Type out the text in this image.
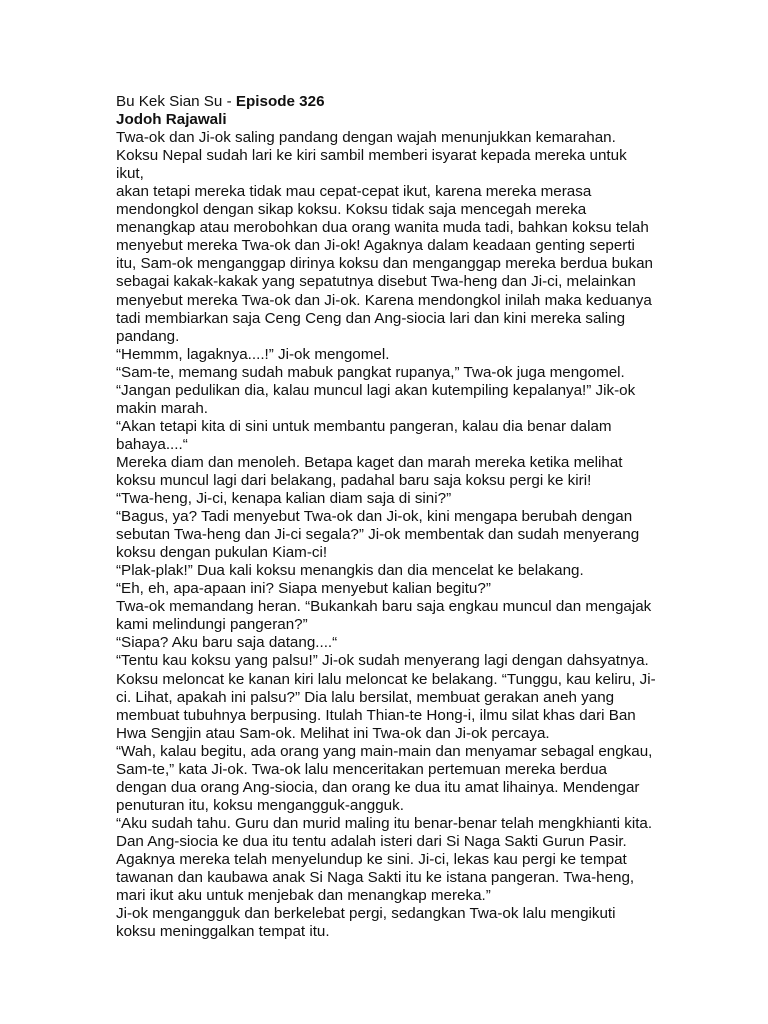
Bu Kek Sian Su - Episode 326

Jodoh Rajawali

Twa-ok dan Ji-ok saling pandang dengan wajah menunjukkan kemarahan.
Koksu Nepal sudah lari ke kiri sambil memberi isyarat kepada mereka untuk ikut,
akan tetapi mereka tidak mau cepat-cepat ikut, karena mereka merasa
mendongkol dengan sikap koksu. Koksu tidak saja mencegah mereka
menangkap atau merobohkan dua orang wanita muda tadi, bahkan koksu telah
menyebut mereka Twa-ok dan Ji-ok! Agaknya dalam keadaan genting seperti
itu, Sam-ok menganggap dirinya koksu dan menganggap mereka berdua bukan
sebagai kakak-kakak yang sepatutnya disebut Twa-heng dan Ji-ci, melainkan
menyebut mereka Twa-ok dan Ji-ok. Karena mendongkol inilah maka keduanya
tadi membiarkan saja Ceng Ceng dan Ang-siocia lari dan kini mereka saling
pandang.

“Hemmm, lagaknya....!” Ji-ok mengomel.

“Sam-te, memang sudah mabuk pangkat rupanya,” Twa-ok juga mengomel.

“Jangan pedulikan dia, kalau muncul lagi akan kutempiling kepalanya!” Jik-ok
makin marah.

“Akan tetapi kita di sini untuk membantu pangeran, kalau dia benar dalam
bahaya....“

Mereka diam dan menoleh. Betapa kaget dan marah mereka ketika melihat
koksu muncul lagi dari belakang, padahal baru saja koksu pergi ke kiri!

“Twa-heng, Ji-ci, kenapa kalian diam saja di sini?”

“Bagus, ya? Tadi menyebut Twa-ok dan Ji-ok, kini mengapa berubah dengan
sebutan Twa-heng dan Ji-ci segala?” Ji-ok membentak dan sudah menyerang
koksu dengan pukulan Kiam-ci!

“Plak-plak!” Dua kali koksu menangkis dan dia mencelat ke belakang.

“Eh, eh, apa-apaan ini? Siapa menyebut kalian begitu?”

Twa-ok memandang heran. “Bukankah baru saja engkau muncul dan mengajak
kami melindungi pangeran?”

“Siapa? Aku baru saja datang....“

“Tentu kau koksu yang palsu!” Ji-ok sudah menyerang lagi dengan dahsyatnya.
Koksu meloncat ke kanan kiri lalu meloncat ke belakang. “Tunggu, kau keliru, Ji-
ci. Lihat, apakah ini palsu?” Dia lalu bersilat, membuat gerakan aneh yang
membuat tubuhnya berpusing. Itulah Thian-te Hong-i, ilmu silat khas dari Ban
Hwa Sengjin atau Sam-ok. Melihat ini Twa-ok dan Ji-ok percaya.

“Wah, kalau begitu, ada orang yang main-main dan menyamar sebagal engkau,
Sam-te,” kata Ji-ok. Twa-ok lalu menceritakan pertemuan mereka berdua
dengan dua orang Ang-siocia, dan orang ke dua itu amat lihainya. Mendengar
penuturan itu, koksu mengangguk-angguk.

“Aku sudah tahu. Guru dan murid maling itu benar-benar telah mengkhianti kita.
Dan Ang-siocia ke dua itu tentu adalah isteri dari Si Naga Sakti Gurun Pasir.
Agaknya mereka telah menyelundup ke sini. Ji-ci, lekas kau pergi ke tempat
tawanan dan kaubawa anak Si Naga Sakti itu ke istana pangeran. Twa-heng,
mari ikut aku untuk menjebak dan menangkap mereka.”

Ji-ok mengangguk dan berkelebat pergi, sedangkan Twa-ok lalu mengikuti
koksu meninggalkan tempat itu.
